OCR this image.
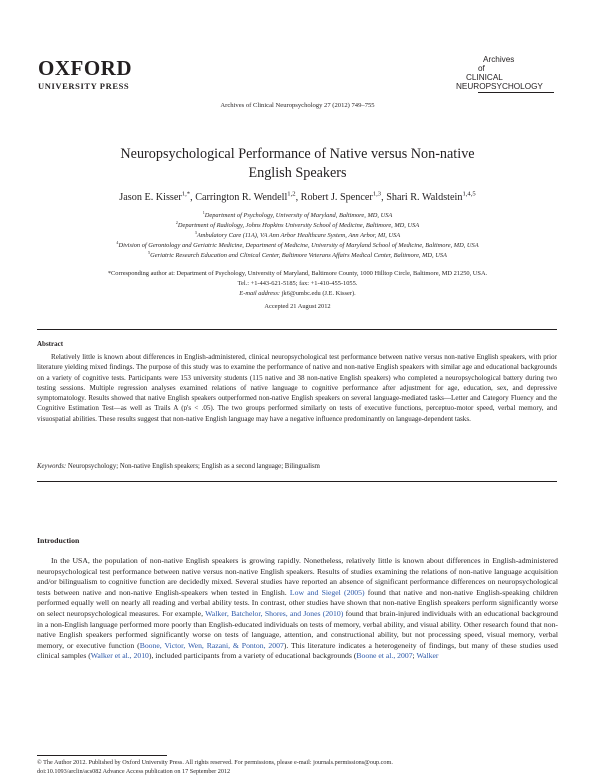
OXFORD
UNIVERSITY PRESS
Archives
of
CLINICAL
NEUROPSYCHOLOGY
Archives of Clinical Neuropsychology 27 (2012) 749–755
Neuropsychological Performance of Native versus Non-native
English Speakers
Jason E. Kisser$^{1,*}$, Carrington R. Wendell$^{1,2}$, Robert J. Spencer$^{1,3}$, Shari R. Waldstein$^{1,4,5}$
$^1$Department of Psychology, University of Maryland, Baltimore, MD, USA
$^2$Department of Radiology, Johns Hopkins University School of Medicine, Baltimore, MD, USA
$^3$Ambulatory Care (11A), VA Ann Arbor Healthcare System, Ann Arbor, MI, USA
$^4$Division of Gerontology and Geriatric Medicine, Department of Medicine, University of Maryland School of Medicine, Baltimore, MD, USA
$^5$Geriatric Research Education and Clinical Center, Baltimore Veterans Affairs Medical Center, Baltimore, MD, USA
*Corresponding author at: Department of Psychology, University of Maryland, Baltimore County, 1000 Hilltop Circle, Baltimore, MD 21250, USA.
Tel.: +1-443-621-5185; fax: +1-410-455-1055.
E-mail address: jk6@umbc.edu (J.E. Kisser).
Accepted 21 August 2012
Abstract
Relatively little is known about differences in English-administered, clinical neuropsychological test performance between native versus non-native English speakers, with prior literature yielding mixed findings. The purpose of this study was to examine the performance of native and non-native English speakers with similar age and educational backgrounds on a variety of cognitive tests. Participants were 153 university students (115 native and 38 non-native English speakers) who completed a neuropsychological battery during two testing sessions. Multiple regression analyses examined relations of native language to cognitive performance after adjustment for age, education, sex, and depressive symptomatology. Results showed that native English speakers outperformed non-native English speakers on several language-mediated tasks—Letter and Category Fluency and the Cognitive Estimation Test—as well as Trails A (p's < .05). The two groups performed similarly on tests of executive functions, perceptuo-motor speed, verbal memory, and visuospatial abilities. These results suggest that non-native English language may have a negative influence predominantly on language-dependent tasks.
Keywords: Neuropsychology; Non-native English speakers; English as a second language; Bilingualism
Introduction
In the USA, the population of non-native English speakers is growing rapidly. Nonetheless, relatively little is known about differences in English-administered neuropsychological test performance between native versus non-native English speakers. Results of studies examining the relations of non-native language acquisition and/or bilingualism to cognitive function are decidedly mixed. Several studies have reported an absence of significant performance differences on neuropsychological tests between native and non-native English-speakers when tested in English. Low and Siegel (2005) found that native and non-native English-speaking children performed equally well on nearly all reading and verbal ability tests. In contrast, other studies have shown that non-native English speakers perform significantly worse on select neuropsychological measures. For example, Walker, Batchelor, Shores, and Jones (2010) found that brain-injured individuals with an educational background in a non-English language performed more poorly than English-educated individuals on tests of memory, verbal ability, and visual ability. Other research found that non-native English speakers performed significantly worse on tests of language, attention, and constructional ability, but not processing speed, visual memory, verbal memory, or executive function (Boone, Victor, Wen, Razani, & Ponton, 2007). This literature indicates a heterogeneity of findings, but many of these studies used clinical samples (Walker et al., 2010), included participants from a variety of educational backgrounds (Boone et al., 2007; Walker
© The Author 2012. Published by Oxford University Press. All rights reserved. For permissions, please e-mail: journals.permissions@oup.com.
doi:10.1093/arclin/acs082 Advance Access publication on 17 September 2012
